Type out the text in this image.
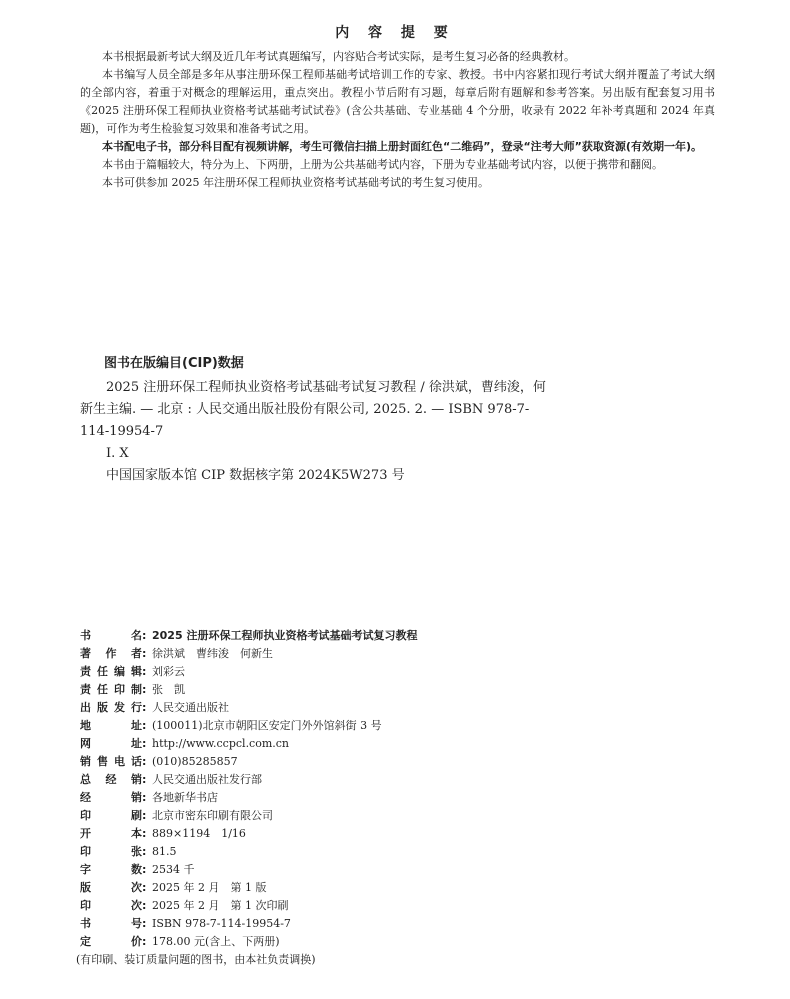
内 容 提 要

本书根据最新考试大纲及近几年考试真题编写，内容贴合考试实际，是考生复习必备的经典教材。

本书编写人员全部是多年从事注册环保工程师基础考试培训工作的专家、教授。书中内容紧扣现行考试大纲并覆盖了考试大纲的全部内容，着重于对概念的理解运用，重点突出。教程小节后附有习题，每章后附有题解和参考答案。另出版有配套复习用书《2025 注册环保工程师执业资格考试基础考试试卷》(含公共基础、专业基础 4 个分册，收录有 2022 年补考真题和 2024 年真题)，可作为考生检验复习效果和准备考试之用。

本书配电子书，部分科目配有视频讲解，考生可微信扫描上册封面红色“二维码”，登录“注考大师”获取资源(有效期一年)。

本书由于篇幅较大，特分为上、下两册，上册为公共基础考试内容，下册为专业基础考试内容，以便于携带和翻阅。

本书可供参加 2025 年注册环保工程师执业资格考试基础考试的考生复习使用。

图书在版编目(CIP)数据

2025 注册环保工程师执业资格考试基础考试复习教程 / 徐洪斌，曹纬浚，何新生主编. — 北京 : 人民交通出版社股份有限公司, 2025. 2. — ISBN 978-7-114-19954-7

Ⅰ. X

中国国家版本馆 CIP 数据核字第 2024K5W273 号

书　　名 : 2025 注册环保工程师执业资格考试基础考试复习教程
著 作 者 : 徐洪斌　曹纬浚　何新生
责任编辑 : 刘彩云
责任印制 : 张　凯
出版发行 : 人民交通出版社
地　　址 : (100011)北京市朝阳区安定门外外馆斜街 3 号
网　　址 : http://www.ccpcl.com.cn
销售电话 : (010)85285857
总 经 销 : 人民交通出版社发行部
经　　销 : 各地新华书店
印　　刷 : 北京市密东印刷有限公司
开　　本 : 889×1194　1/16
印　　张 : 81.5
字　　数 : 2534 千
版　　次 : 2025 年 2 月　第 1 版
印　　次 : 2025 年 2 月　第 1 次印刷
书　　号 : ISBN 978-7-114-19954-7
定　　价 : 178.00 元(含上、下两册)

(有印刷、装订质量问题的图书，由本社负责调换)
